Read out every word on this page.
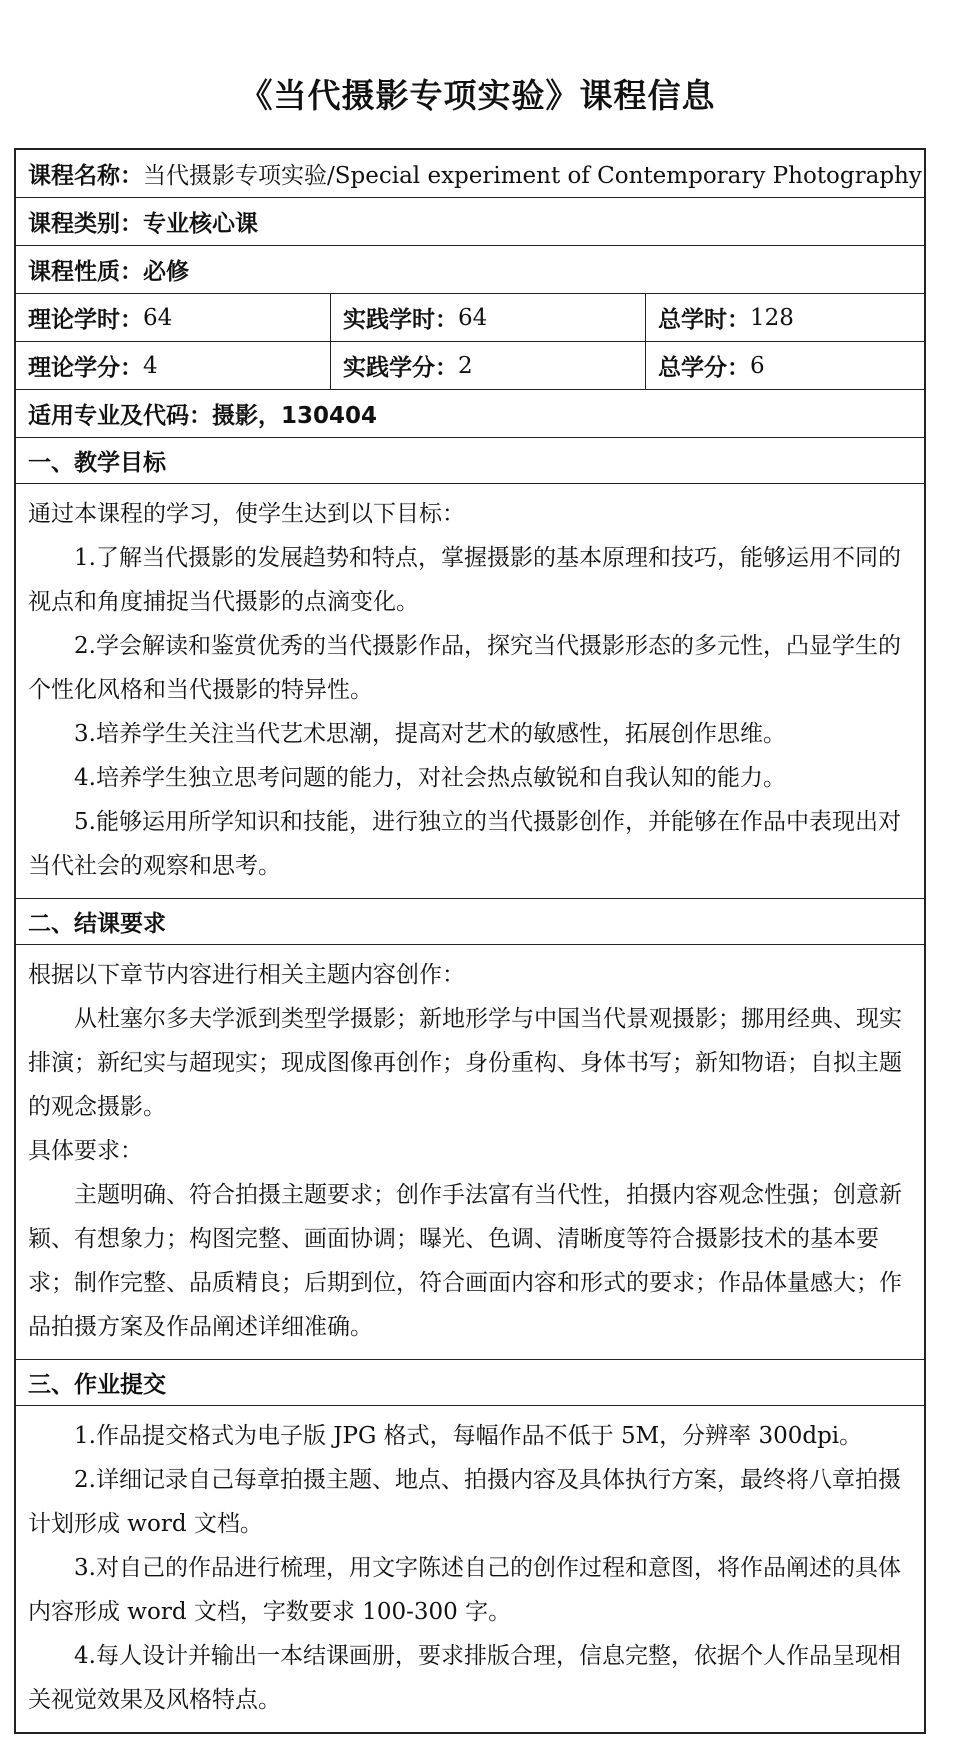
《当代摄影专项实验》课程信息
课程名称： 当代摄影专项实验/Special experiment of Contemporary Photography
课程类别： 专业核心课
课程性质： 必修
理论学时： 64	实践学时： 64	总学时： 128
理论学分： 4	实践学分： 2	总学分： 6
适用专业及代码： 摄影，130404
一、教学目标

通过本课程的学习，使学生达到以下目标：

1.了解当代摄影的发展趋势和特点，掌握摄影的基本原理和技巧，能够运用不同的视点和角度捕捉当代摄影的点滴变化。

2.学会解读和鉴赏优秀的当代摄影作品，探究当代摄影形态的多元性，凸显学生的个性化风格和当代摄影的特异性。

3.培养学生关注当代艺术思潮，提高对艺术的敏感性，拓展创作思维。

4.培养学生独立思考问题的能力，对社会热点敏锐和自我认知的能力。

5.能够运用所学知识和技能，进行独立的当代摄影创作，并能够在作品中表现出对当代社会的观察和思考。

二、结课要求

根据以下章节内容进行相关主题内容创作：

从杜塞尔多夫学派到类型学摄影；新地形学与中国当代景观摄影；挪用经典、现实排演；新纪实与超现实；现成图像再创作；身份重构、身体书写；新知物语；自拟主题的观念摄影。

具体要求：

主题明确、符合拍摄主题要求；创作手法富有当代性，拍摄内容观念性强；创意新颖、有想象力；构图完整、画面协调；曝光、色调、清晰度等符合摄影技术的基本要求；制作完整、品质精良；后期到位，符合画面内容和形式的要求；作品体量感大；作品拍摄方案及作品阐述详细准确。

三、作业提交

1.作品提交格式为电子版 JPG 格式，每幅作品不低于 5M，分辨率 300dpi。

2.详细记录自己每章拍摄主题、地点、拍摄内容及具体执行方案，最终将八章拍摄计划形成 word 文档。

3.对自己的作品进行梳理，用文字陈述自己的创作过程和意图，将作品阐述的具体内容形成 word 文档，字数要求 100-300 字。

4.每人设计并输出一本结课画册，要求排版合理，信息完整，依据个人作品呈现相关视觉效果及风格特点。
